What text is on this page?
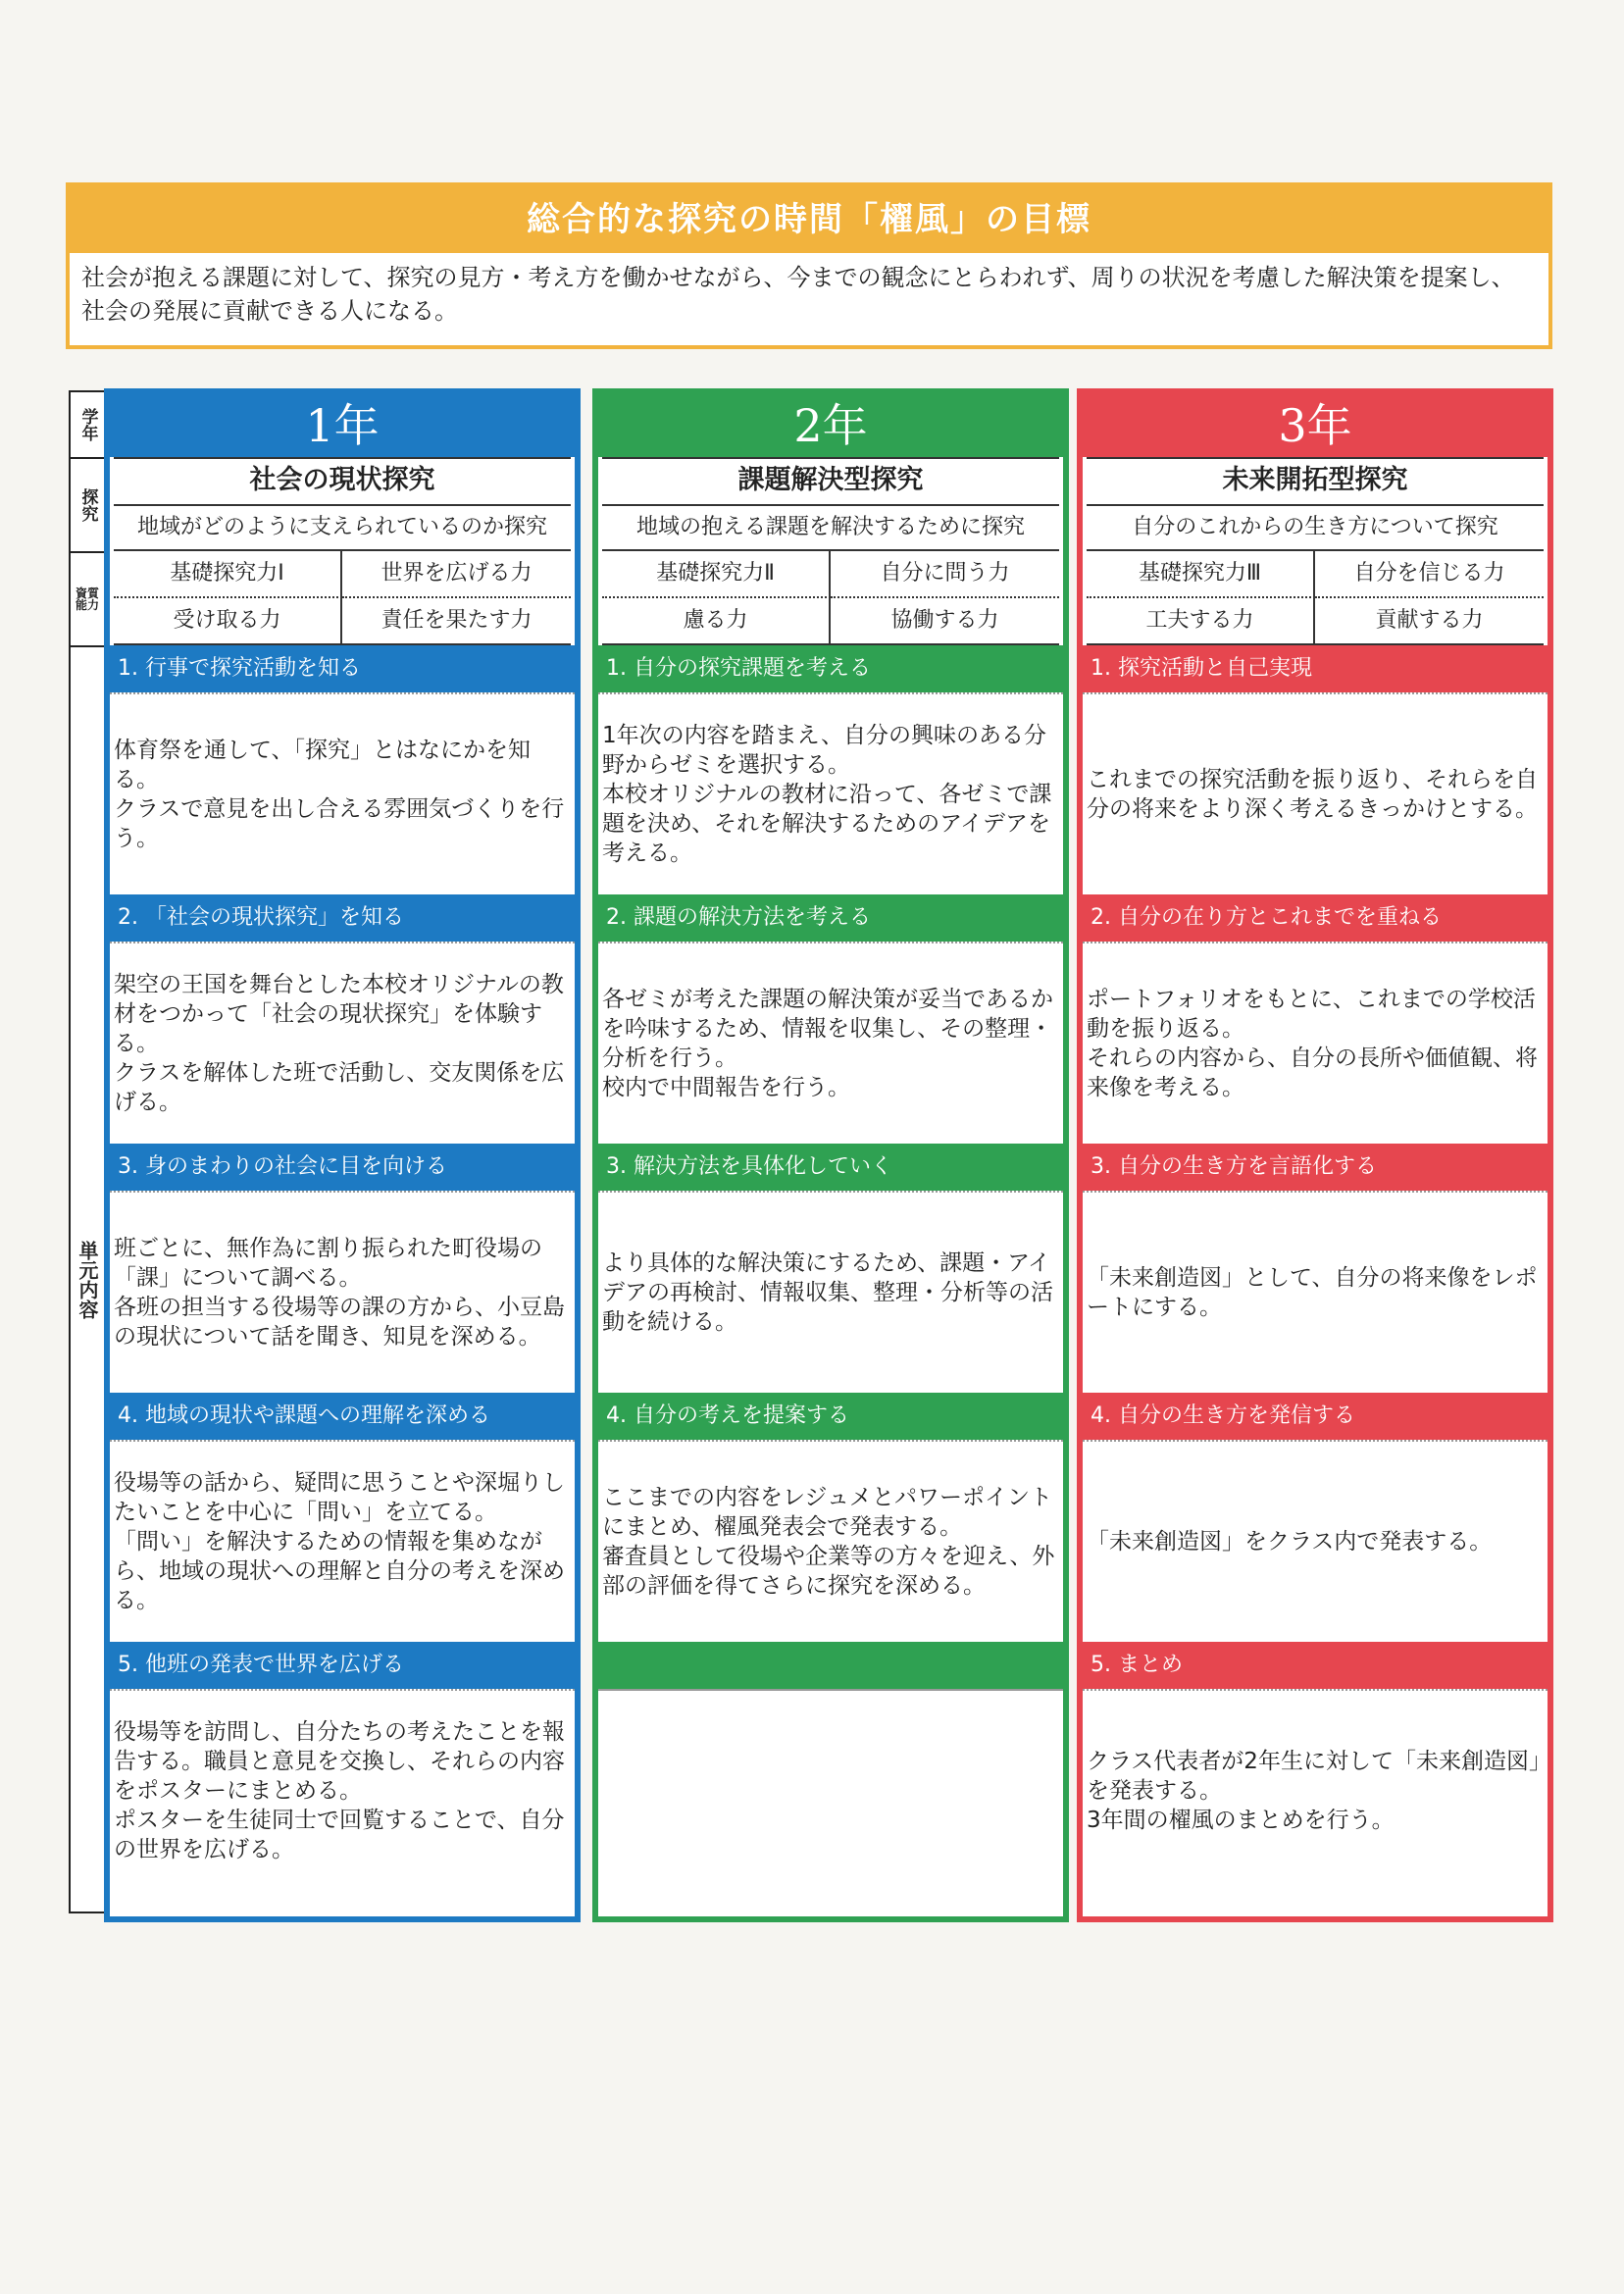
総合的な探究の時間「櫂風」の目標
社会が抱える課題に対して、探究の見方・考え方を働かせながら、今までの観念にとらわれず、周りの状況を考慮した解決策を提案し、社会の発展に貢献できる人になる。
学年
探究
資質
能力
単元内容
1年
社会の現状探究
地域がどのように支えられているのか探究
基礎探究力Ⅰ	世界を広げる力
受け取る力	責任を果たす力
1. 行事で探究活動を知る
体育祭を通して、「探究」とはなにかを知る。
クラスで意見を出し合える雰囲気づくりを行う。
2. 「社会の現状探究」を知る
架空の王国を舞台とした本校オリジナルの教材をつかって「社会の現状探究」を体験する。
クラスを解体した班で活動し、交友関係を広げる。
3. 身のまわりの社会に目を向ける
班ごとに、無作為に割り振られた町役場の「課」について調べる。
各班の担当する役場等の課の方から、小豆島の現状について話を聞き、知見を深める。
4. 地域の現状や課題への理解を深める
役場等の話から、疑問に思うことや深堀りしたいことを中心に「問い」を立てる。
「問い」を解決するための情報を集めながら、地域の現状への理解と自分の考えを深める。
5. 他班の発表で世界を広げる
役場等を訪問し、自分たちの考えたことを報告する。職員と意見を交換し、それらの内容をポスターにまとめる。
ポスターを生徒同士で回覧することで、自分の世界を広げる。
2年
課題解決型探究
地域の抱える課題を解決するために探究
基礎探究力Ⅱ	自分に問う力
慮る力	協働する力
1. 自分の探究課題を考える
1年次の内容を踏まえ、自分の興味のある分野からゼミを選択する。
本校オリジナルの教材に沿って、各ゼミで課題を決め、それを解決するためのアイデアを考える。
2. 課題の解決方法を考える
各ゼミが考えた課題の解決策が妥当であるかを吟味するため、情報を収集し、その整理・分析を行う。
校内で中間報告を行う。
3. 解決方法を具体化していく
より具体的な解決策にするため、課題・アイデアの再検討、情報収集、整理・分析等の活動を続ける。
4. 自分の考えを提案する
ここまでの内容をレジュメとパワーポイントにまとめ、櫂風発表会で発表する。
審査員として役場や企業等の方々を迎え、外部の評価を得てさらに探究を深める。
3年
未来開拓型探究
自分のこれからの生き方について探究
基礎探究力Ⅲ	自分を信じる力
工夫する力	貢献する力
1. 探究活動と自己実現
これまでの探究活動を振り返り、それらを自分の将来をより深く考えるきっかけとする。
2. 自分の在り方とこれまでを重ねる
ポートフォリオをもとに、これまでの学校活動を振り返る。
それらの内容から、自分の長所や価値観、将来像を考える。
3. 自分の生き方を言語化する
「未来創造図」として、自分の将来像をレポートにする。
4. 自分の生き方を発信する
「未来創造図」をクラス内で発表する。
5. まとめ
クラス代表者が2年生に対して「未来創造図」を発表する。
3年間の櫂風のまとめを行う。
